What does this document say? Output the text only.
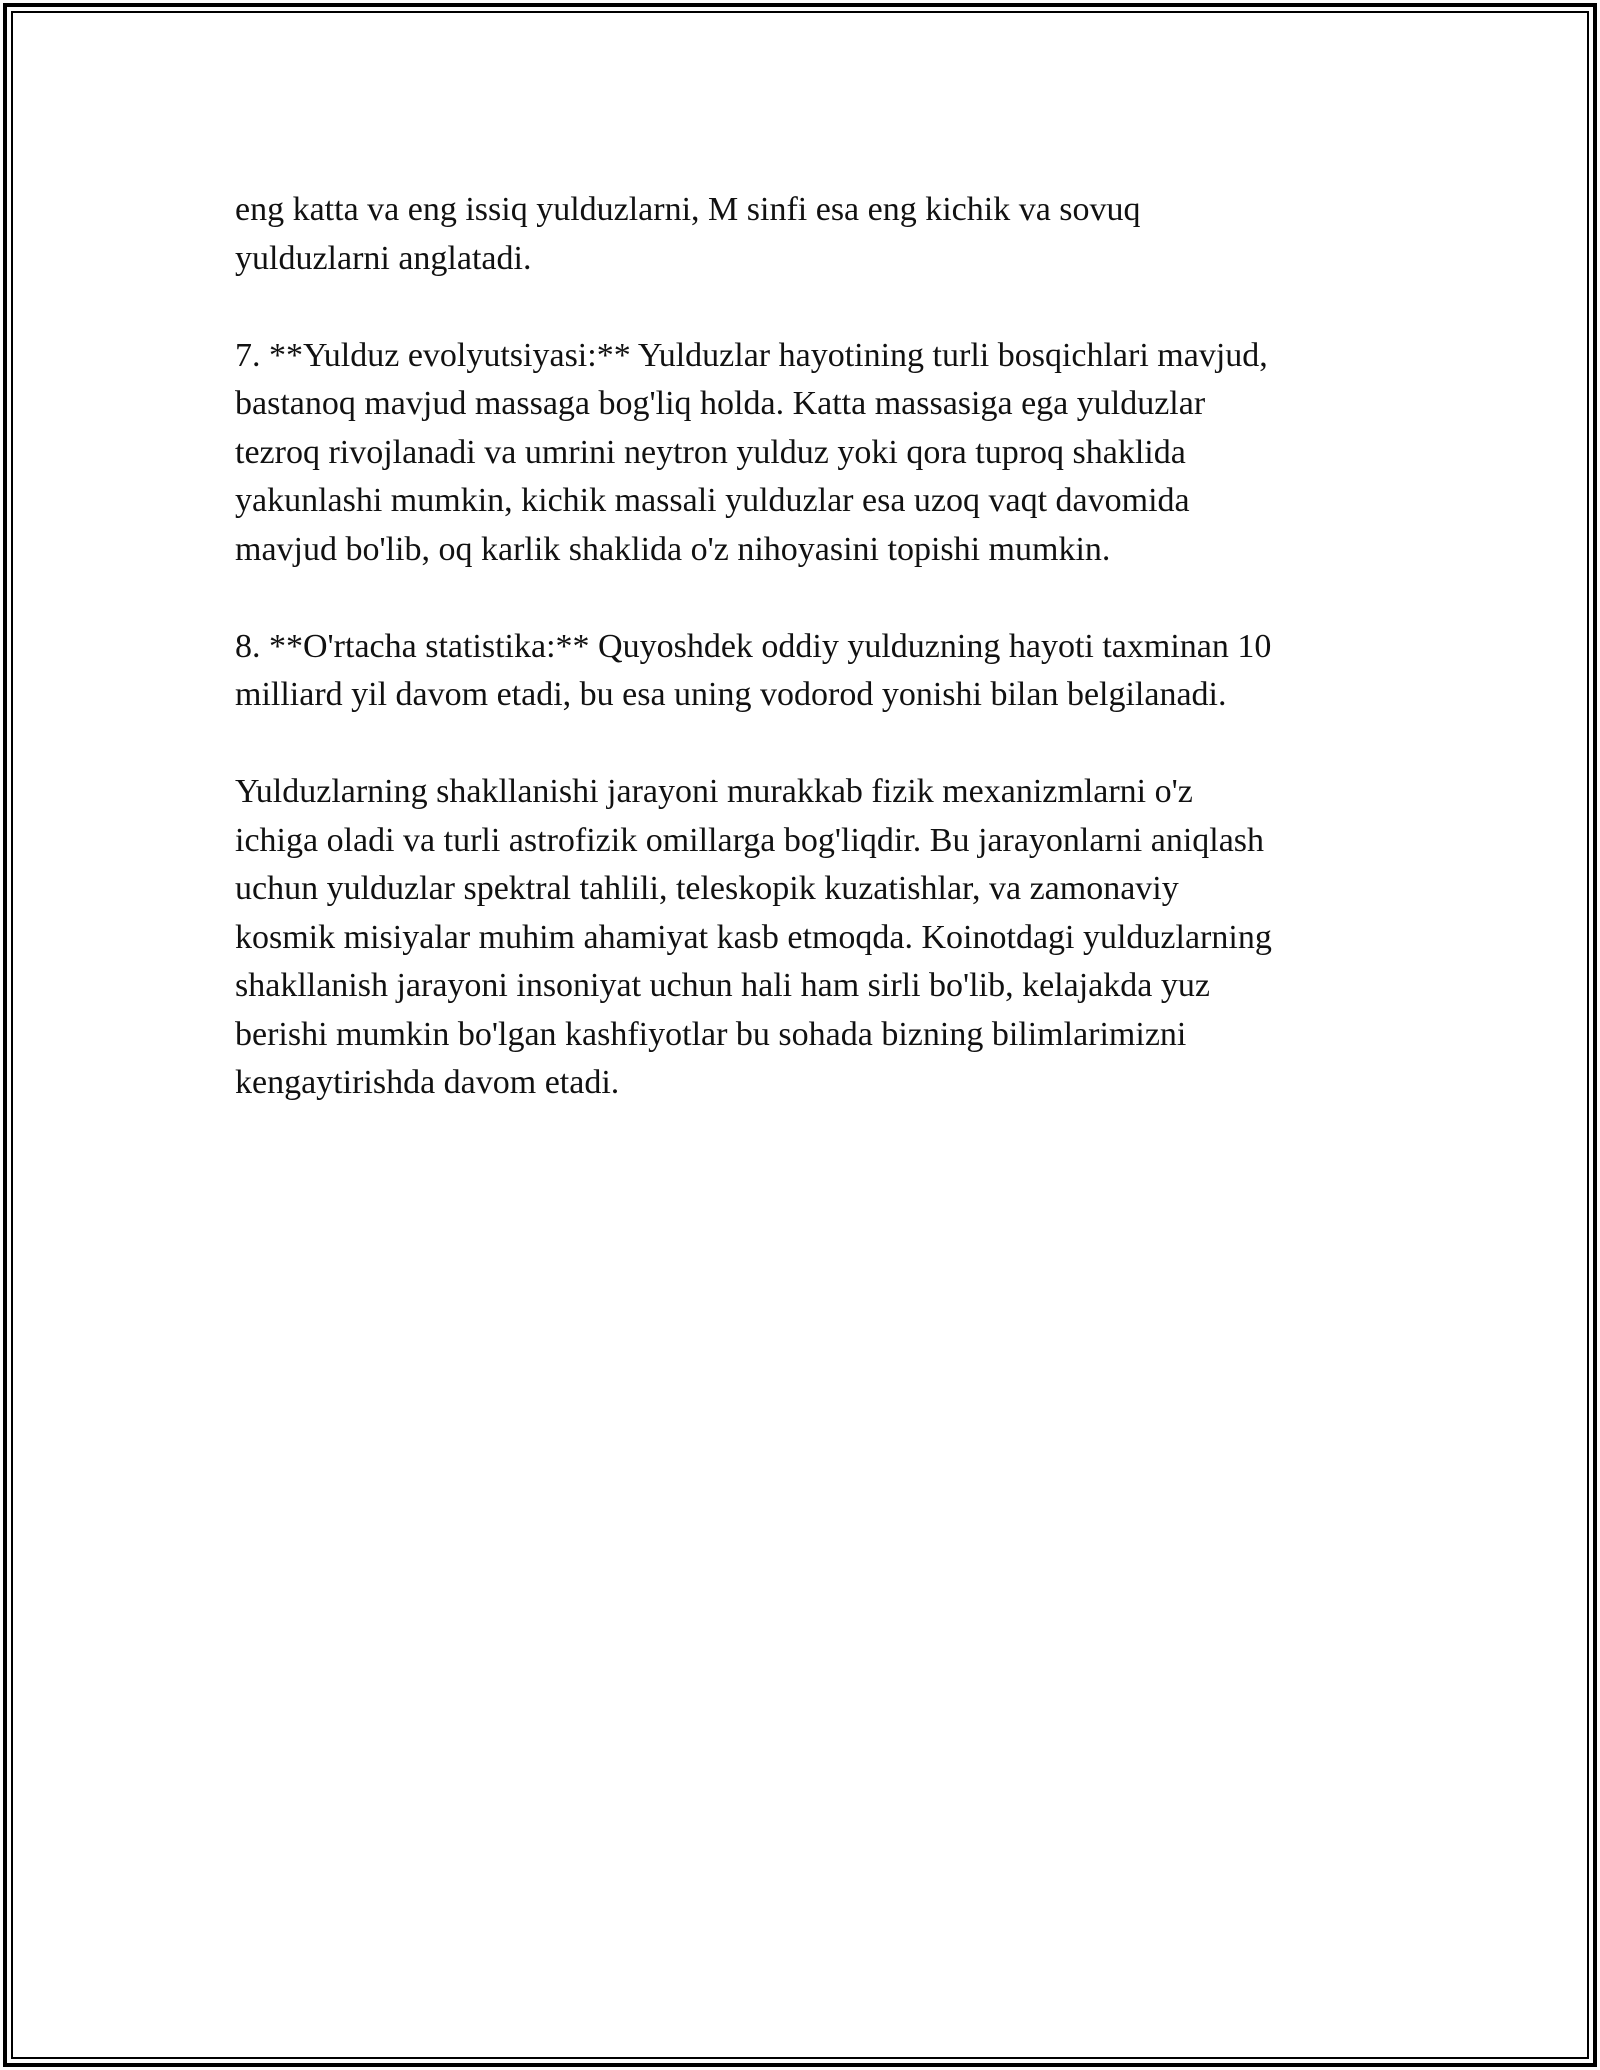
eng katta va eng issiq yulduzlarni, M sinfi esa eng kichik va sovuq
yulduzlarni anglatadi.

7. **Yulduz evolyutsiyasi:** Yulduzlar hayotining turli bosqichlari mavjud,
bastanoq mavjud massaga bog'liq holda. Katta massasiga ega yulduzlar
tezroq rivojlanadi va umrini neytron yulduz yoki qora tuproq shaklida
yakunlashi mumkin, kichik massali yulduzlar esa uzoq vaqt davomida
mavjud bo'lib, oq karlik shaklida o'z nihoyasini topishi mumkin.

8. **O'rtacha statistika:** Quyoshdek oddiy yulduzning hayoti taxminan 10
milliard yil davom etadi, bu esa uning vodorod yonishi bilan belgilanadi.

Yulduzlarning shakllanishi jarayoni murakkab fizik mexanizmlarni o'z
ichiga oladi va turli astrofizik omillarga bog'liqdir. Bu jarayonlarni aniqlash
uchun yulduzlar spektral tahlili, teleskopik kuzatishlar, va zamonaviy
kosmik misiyalar muhim ahamiyat kasb etmoqda. Koinotdagi yulduzlarning
shakllanish jarayoni insoniyat uchun hali ham sirli bo'lib, kelajakda yuz
berishi mumkin bo'lgan kashfiyotlar bu sohada bizning bilimlarimizni
kengaytirishda davom etadi.
